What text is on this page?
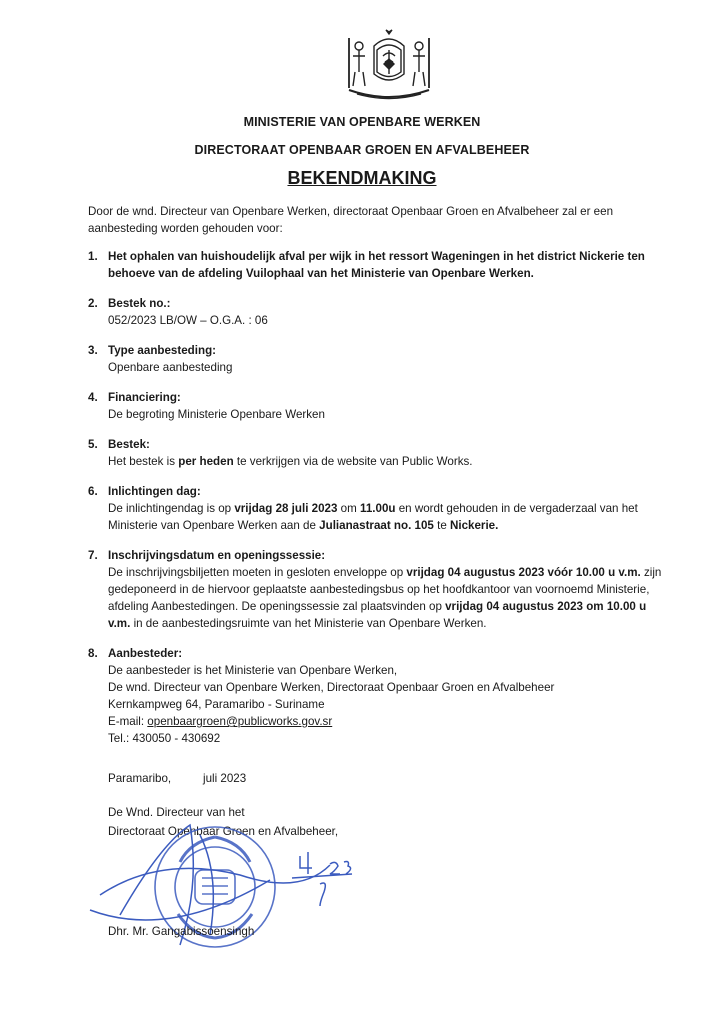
MINISTERIE VAN OPENBARE WERKEN
DIRECTORAAT OPENBAAR GROEN EN AFVALBEHEER
BEKENDMAKING
Door de wnd. Directeur van Openbare Werken, directoraat Openbaar Groen en Afvalbeheer zal er een aanbesteding worden gehouden voor:
1. Het ophalen van huishoudelijk afval per wijk in het ressort Wageningen in het district Nickerie ten behoeve van de afdeling Vuilophaal van het Ministerie van Openbare Werken.
2. Bestek no.:
052/2023 LB/OW – O.G.A. : 06
3. Type aanbesteding:
Openbare aanbesteding
4. Financiering:
De begroting Ministerie Openbare Werken
5. Bestek:
Het bestek is per heden te verkrijgen via de website van Public Works.
6. Inlichtingen dag:
De inlichtingendag is op vrijdag 28 juli 2023 om 11.00u en wordt gehouden in de vergaderzaal van het Ministerie van Openbare Werken aan de Julianastraat no. 105 te Nickerie.
7. Inschrijvingsdatum en openingssessie:
De inschrijvingsbiljetten moeten in gesloten enveloppe op vrijdag 04 augustus 2023 vóór 10.00 u v.m. zijn gedeponeerd in de hiervoor geplaatste aanbestedingsbus op het hoofdkantoor van voornoemd Ministerie, afdeling Aanbestedingen. De openingssessie zal plaatsvinden op vrijdag 04 augustus 2023 om 10.00 u v.m. in de aanbestedingsruimte van het Ministerie van Openbare Werken.
8. Aanbesteder:
De aanbesteder is het Ministerie van Openbare Werken,
De wnd. Directeur van Openbare Werken, Directoraat Openbaar Groen en Afvalbeheer
Kernkampweg 64, Paramaribo - Suriname
E-mail: openbaargroen@publicworks.gov.sr
Tel.: 430050 - 430692
Paramaribo,	juli 2023
De Wnd. Directeur van het
Directoraat Openbaar Groen en Afvalbeheer,
Dhr. Mr. Gangabissoensingh
